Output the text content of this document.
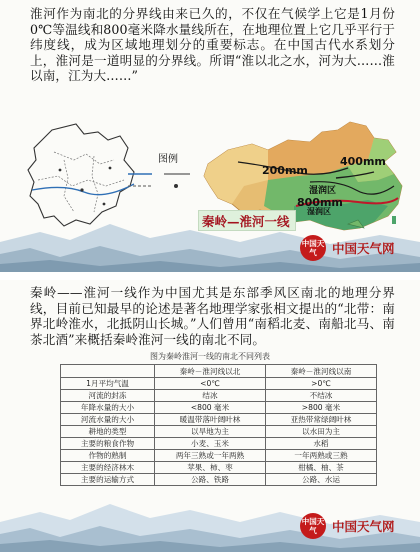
淮河作为南北的分界线由来已久的，不仅在气候学上它是1月份0℃等温线和800毫米降水量线所在，在地理位置上它几乎平行于纬度线，成为区域地理划分的重要标志。在中国古代水系划分上，淮河是一道明显的分界线。所谓“淮以北之水，河为大……淮以南，江为大……”
图例
200mm
400mm
湿润区
800mm
湿润区
秦岭—淮河一线
中国天气	中国天气网
秦岭——淮河一线作为中国尤其是东部季风区南北的地理分界线，目前已知最早的论述是著名地理学家张相文提出的“北带：南界北岭淮水，北抵阴山长城。”人们曾用“南稻北麦、南船北马、南茶北酒”来概括秦岭淮河一线的南北不同。
图为秦岭淮河一线的南北不同列表
	秦岭－淮河线以北	秦岭－淮河线以南
1月平均气温	<0℃	>0℃
河流的封冻	结冰	不结冰
年降水量的大小	<800 毫米	>800 毫米
河流水量的大小	暖温带落叶阔叶林	亚热带常绿阔叶林
耕地的类型	以旱地为主	以水田为主
主要的粮食作物	小麦、玉米	水稻
作物的熟制	两年三熟或一年两熟	一年两熟或三熟
主要的经济林木	苹果、柿、枣	柑橘、柚、茶
主要的运输方式	公路、铁路	公路、水运
中国天气	中国天气网
